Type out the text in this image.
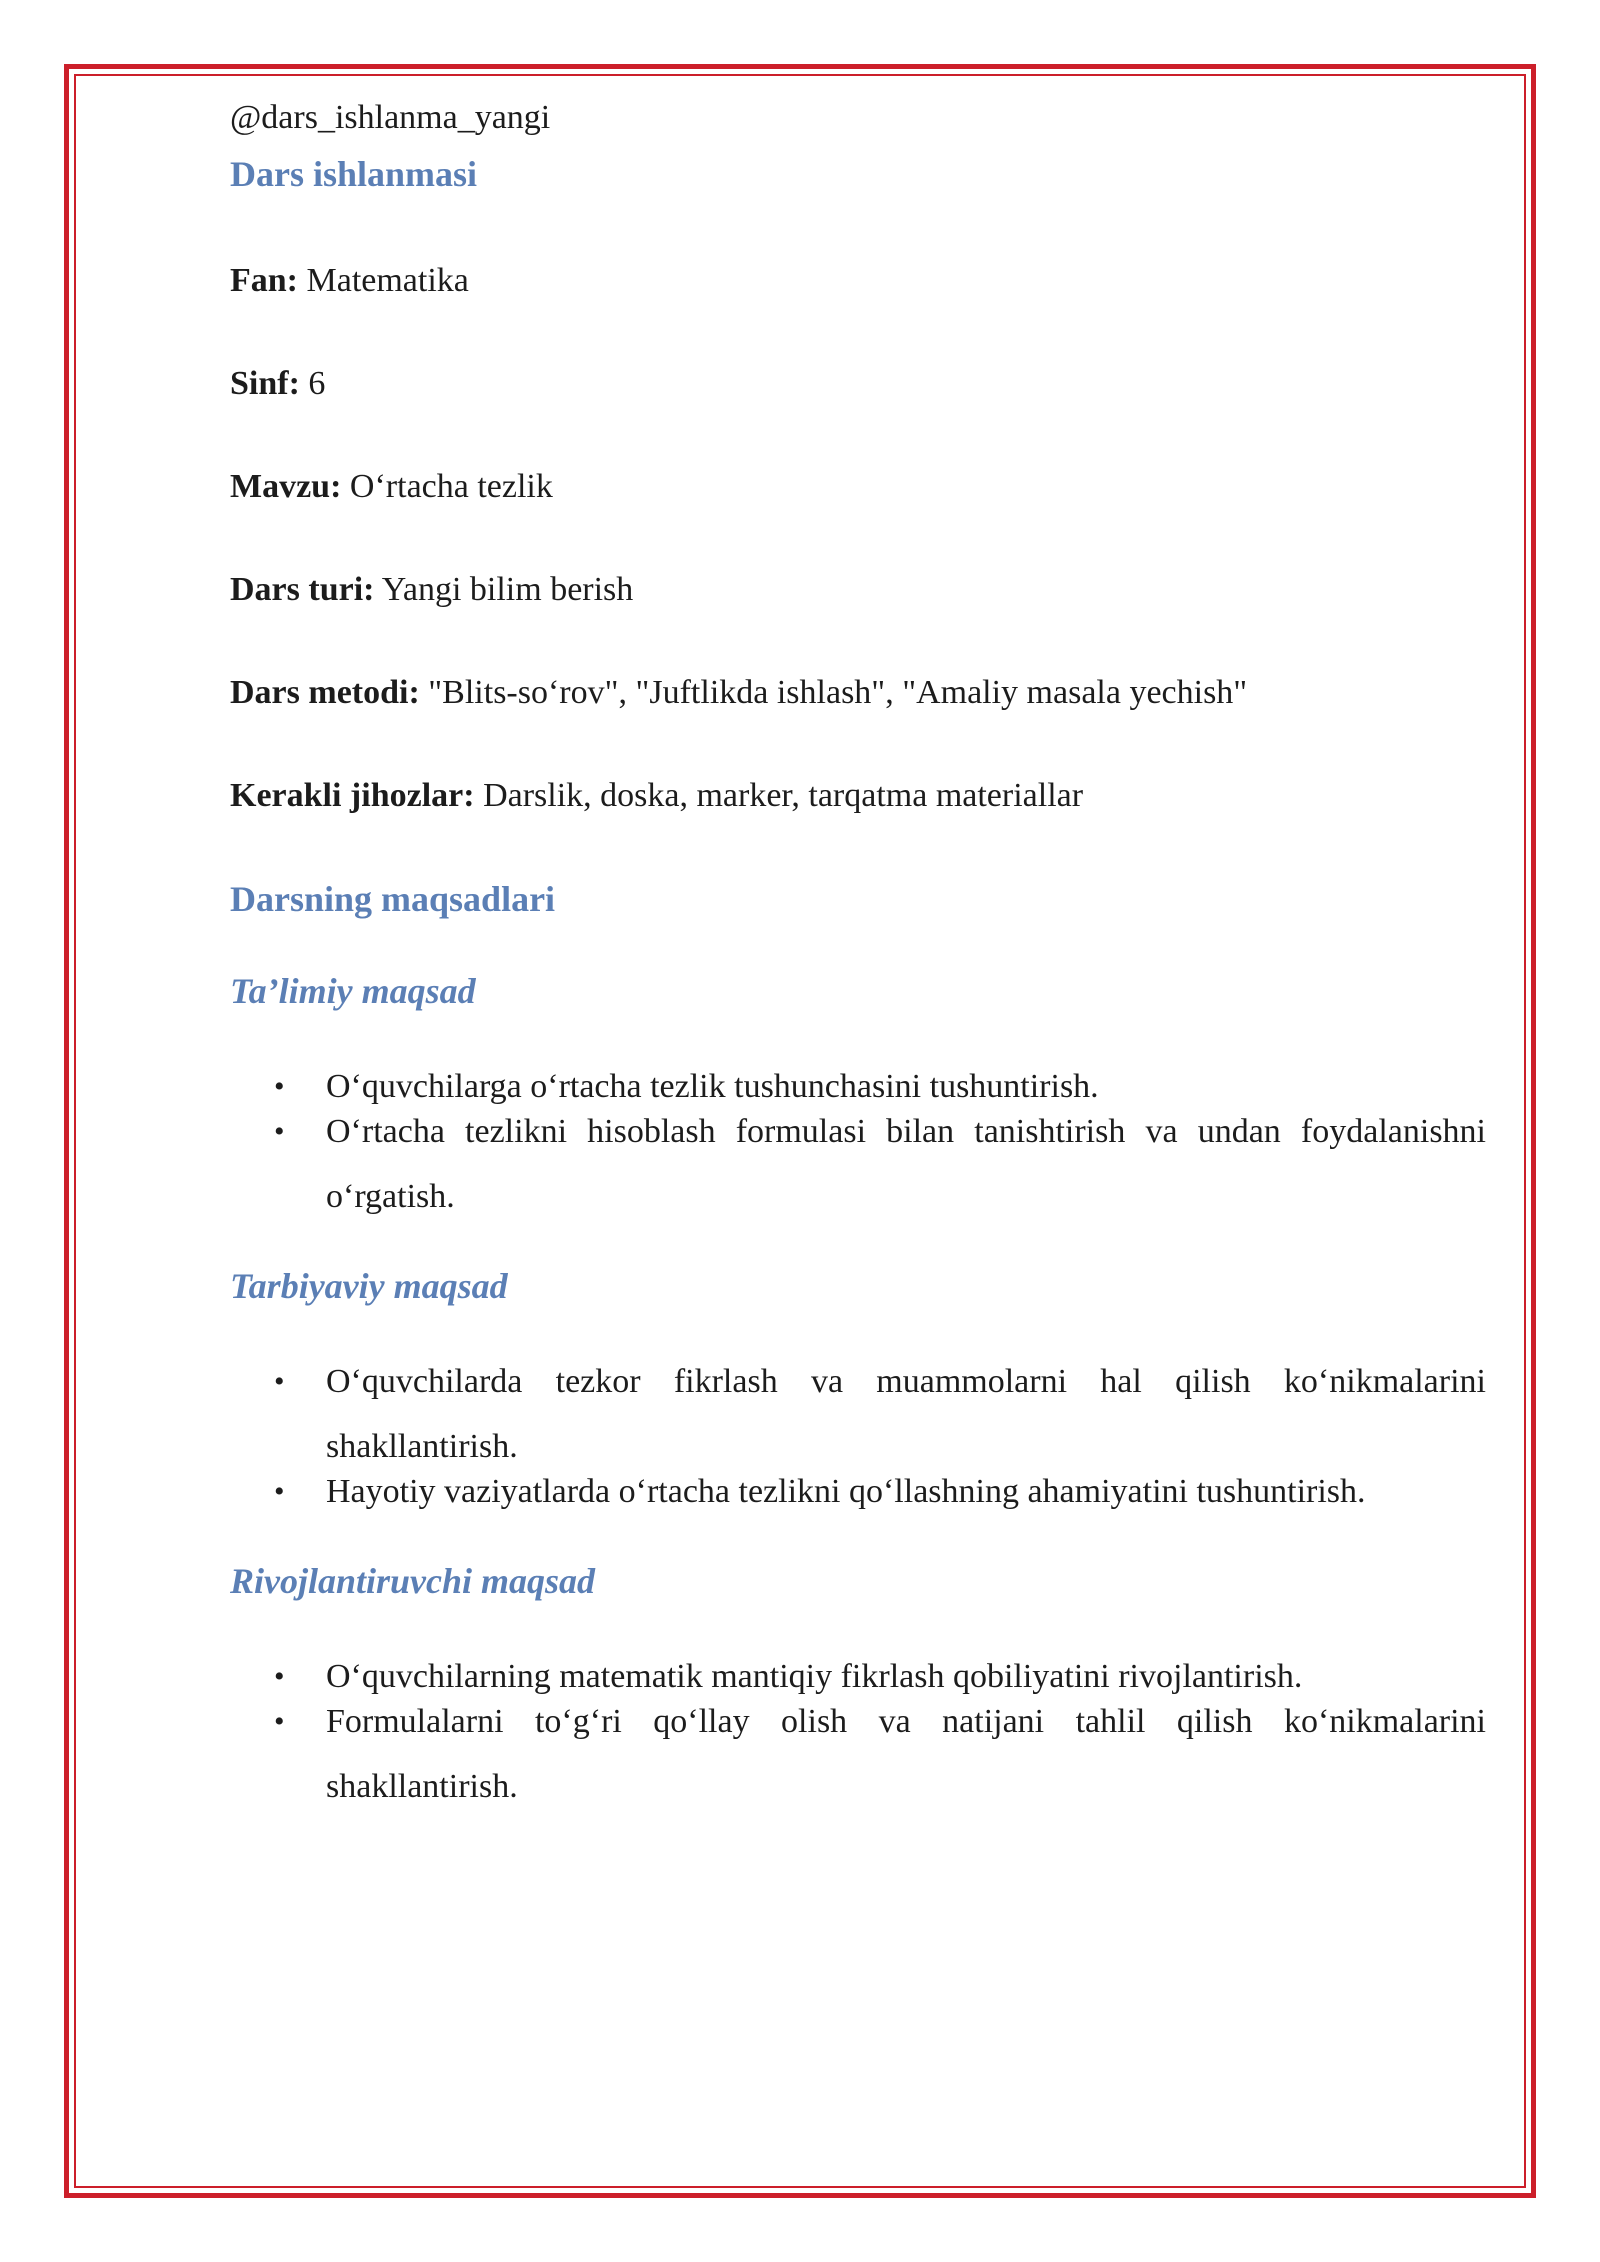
@dars_ishlanma_yangi
Dars ishlanmasi
Fan: Matematika
Sinf: 6
Mavzu: O‘rtacha tezlik
Dars turi: Yangi bilim berish
Dars metodi: "Blits-so‘rov", "Juftlikda ishlash", "Amaliy masala yechish"
Kerakli jihozlar: Darslik, doska, marker, tarqatma materiallar
Darsning maqsadlari
Ta’limiy maqsad
• O‘quvchilarga o‘rtacha tezlik tushunchasini tushuntirish.
• O‘rtacha tezlikni hisoblash formulasi bilan tanishtirish va undan foydalanishni o‘rgatish.
Tarbiyaviy maqsad
• O‘quvchilarda tezkor fikrlash va muammolarni hal qilish ko‘nikmalarini shakllantirish.
• Hayotiy vaziyatlarda o‘rtacha tezlikni qo‘llashning ahamiyatini tushuntirish.
Rivojlantiruvchi maqsad
• O‘quvchilarning matematik mantiqiy fikrlash qobiliyatini rivojlantirish.
• Formulalarni to‘g‘ri qo‘llay olish va natijani tahlil qilish ko‘nikmalarini shakllantirish.
